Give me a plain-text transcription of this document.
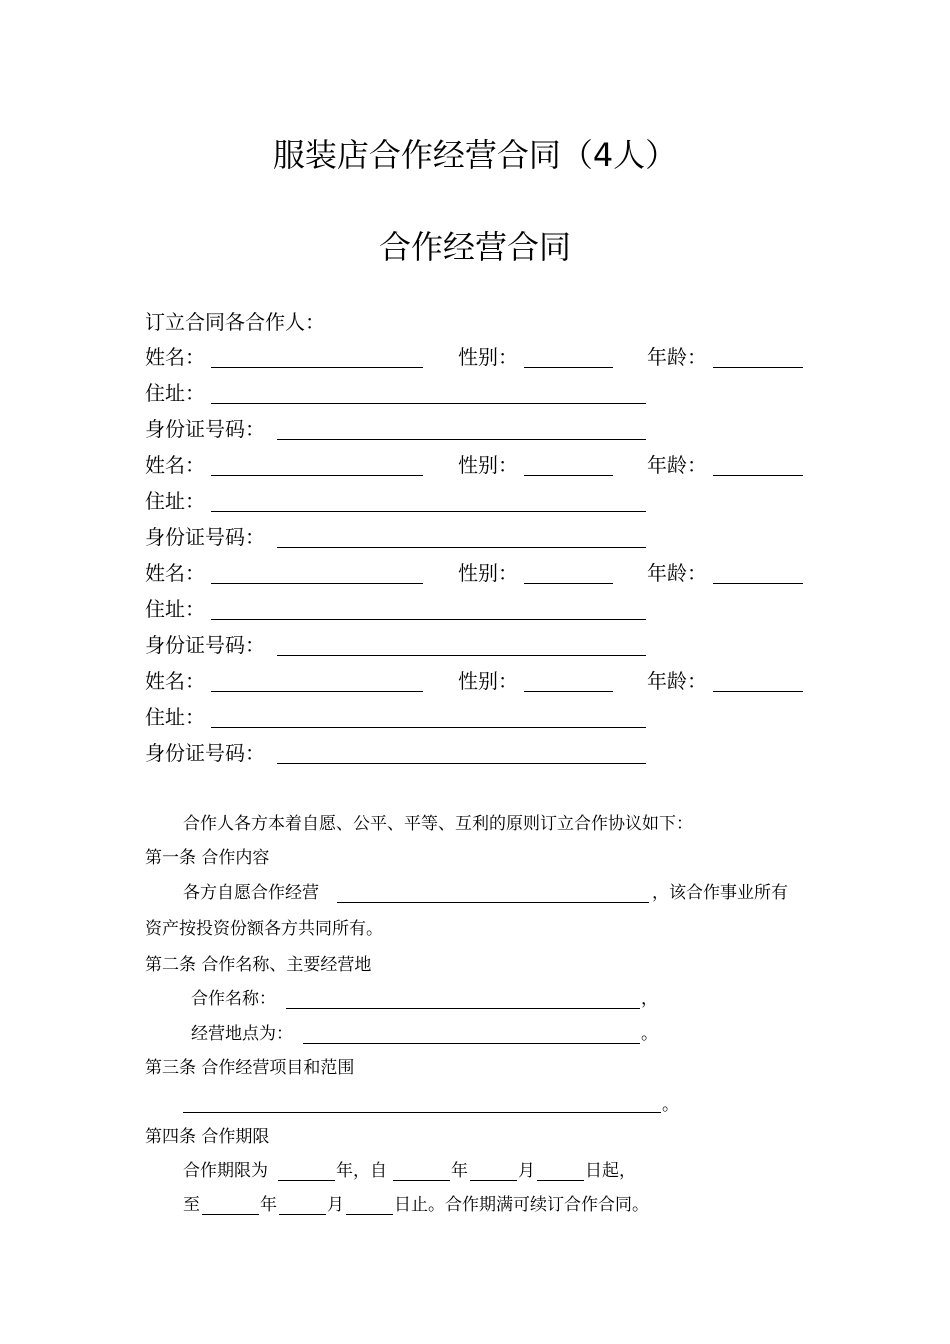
服装店合作经营合同（4人）
合作经营合同
订立合同各合作人：
姓名：	性别：	年龄：
住址：
身份证号码：
姓名：	性别：	年龄：
住址：
身份证号码：
姓名：	性别：	年龄：
住址：
身份证号码：
姓名：	性别：	年龄：
住址：
身份证号码：
合作人各方本着自愿、公平、平等、互利的原则订立合作协议如下：
第一条 合作内容
各方自愿合作经营	，该合作事业所有
资产按投资份额各方共同所有。
第二条 合作名称、主要经营地
合作名称：	，
经营地点为：	。
第三条 合作经营项目和范围
。
第四条 合作期限
合作期限为	年，自	年	月	日起，
至	年	月	日止。合作期满可续订合作合同。
